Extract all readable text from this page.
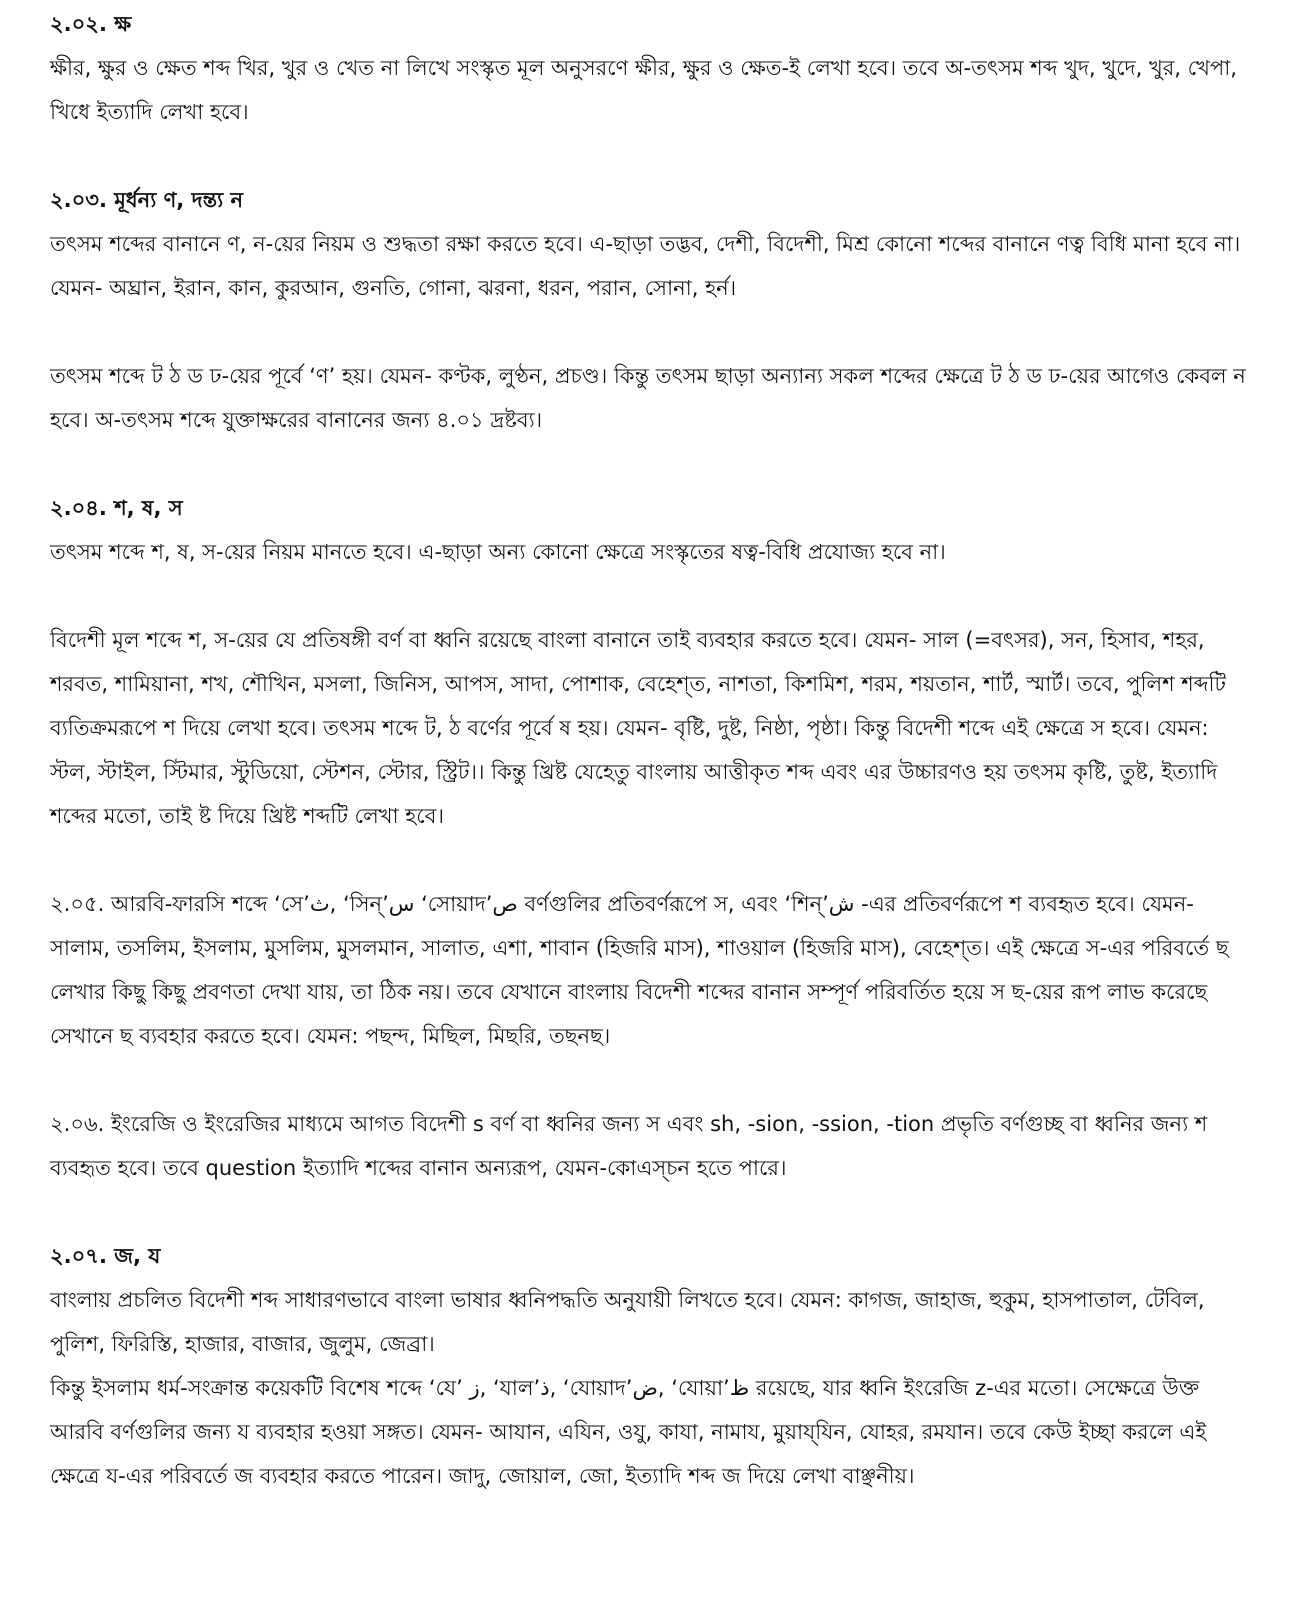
২.০২. ক্ষ

ক্ষীর, ক্ষুর ও ক্ষেত শব্দ খির, খুর ও খেত না লিখে সংস্কৃত মূল অনুসরণে ক্ষীর, ক্ষুর ও ক্ষেত-ই লেখা হবে। তবে অ-তৎসম শব্দ খুদ, খুদে, খুর, খেপা, খিধে ইত্যাদি লেখা হবে।

২.০৩. মূর্ধন্য ণ, দন্ত্য ন

তৎসম শব্দের বানানে ণ, ন-য়ের নিয়ম ও শুদ্ধতা রক্ষা করতে হবে। এ-ছাড়া তদ্ভব, দেশী, বিদেশী, মিশ্র কোনো শব্দের বানানে ণত্ব বিধি মানা হবে না। যেমন- অঘ্রান, ইরান, কান, কুরআন, গুনতি, গোনা, ঝরনা, ধরন, পরান, সোনা, হর্ন।

তৎসম শব্দে ট ঠ ড ঢ-য়ের পূর্বে ‘ণ’ হয়। যেমন- কণ্টক, লুণ্ঠন, প্রচণ্ড। কিন্তু তৎসম ছাড়া অন্যান্য সকল শব্দের ক্ষেত্রে ট ঠ ড ঢ-য়ের আগেও কেবল ন হবে। অ-তৎসম শব্দে যুক্তাক্ষরের বানানের জন্য ৪.০১ দ্রষ্টব্য।

২.০৪. শ, ষ, স

তৎসম শব্দে শ, ষ, স-য়ের নিয়ম মানতে হবে। এ-ছাড়া অন্য কোনো ক্ষেত্রে সংস্কৃতের ষত্ব-বিধি প্রযোজ্য হবে না।

বিদেশী মূল শব্দে শ, স-য়ের যে প্রতিষঙ্গী বর্ণ বা ধ্বনি রয়েছে বাংলা বানানে তাই ব্যবহার করতে হবে। যেমন- সাল (=বৎসর), সন, হিসাব, শহর, শরবত, শামিয়ানা, শখ, শৌখিন, মসলা, জিনিস, আপস, সাদা, পোশাক, বেহেশ্‌ত, নাশতা, কিশমিশ, শরম, শয়তান, শার্ট, স্মার্ট। তবে, পুলিশ শব্দটি ব্যতিক্রমরূপে শ দিয়ে লেখা হবে। তৎসম শব্দে ট, ঠ বর্ণের পূর্বে ষ হয়। যেমন- বৃষ্টি, দুষ্ট, নিষ্ঠা, পৃষ্ঠা। কিন্তু বিদেশী শব্দে এই ক্ষেত্রে স হবে। যেমন: স্টল, স্টাইল, স্টিমার, স্টুডিয়ো, স্টেশন, স্টোর, স্ট্রিট।। কিন্তু খ্রিষ্ট যেহেতু বাংলায় আত্তীকৃত শব্দ এবং এর উচ্চারণও হয় তৎসম কৃষ্টি, তুষ্ট, ইত্যাদি শব্দের মতো, তাই ষ্ট দিয়ে খ্রিষ্ট শব্দটি লেখা হবে।

২.০৫. আরবি-ফারসি শব্দে ‘সে’ث, ‘সিন্’س ‘সোয়াদ’ص বর্ণগুলির প্রতিবর্ণরূপে স, এবং ‘শিন্’ش -এর প্রতিবর্ণরূপে শ ব্যবহৃত হবে। যেমন- সালাম, তসলিম, ইসলাম, মুসলিম, মুসলমান, সালাত, এশা, শাবান (হিজরি মাস), শাওয়াল (হিজরি মাস), বেহেশ্‌ত। এই ক্ষেত্রে স-এর পরিবর্তে ছ লেখার কিছু কিছু প্রবণতা দেখা যায়, তা ঠিক নয়। তবে যেখানে বাংলায় বিদেশী শব্দের বানান সম্পূর্ণ পরিবর্তিত হয়ে স ছ-য়ের রূপ লাভ করেছে সেখানে ছ ব্যবহার করতে হবে। যেমন: পছন্দ, মিছিল, মিছরি, তছনছ।

২.০৬. ইংরেজি ও ইংরেজির মাধ্যমে আগত বিদেশী s বর্ণ বা ধ্বনির জন্য স এবং sh, -sion, -ssion, -tion প্রভৃতি বর্ণগুচ্ছ বা ধ্বনির জন্য শ ব্যবহৃত হবে। তবে question ইত্যাদি শব্দের বানান অন্যরূপ, যেমন-কোএস্‌চন হতে পারে।

২.০৭. জ, য

বাংলায় প্রচলিত বিদেশী শব্দ সাধারণভাবে বাংলা ভাষার ধ্বনিপদ্ধতি অনুযায়ী লিখতে হবে। যেমন: কাগজ, জাহাজ, হুকুম, হাসপাতাল, টেবিল, পুলিশ, ফিরিস্তি, হাজার, বাজার, জুলুম, জেব্রা।

কিন্তু ইসলাম ধর্ম-সংক্রান্ত কয়েকটি বিশেষ শব্দে ‘যে’ ز, ‘যাল’ذ, ‘যোয়াদ’ض, ‘যোয়া’ظ রয়েছে, যার ধ্বনি ইংরেজি z-এর মতো। সেক্ষেত্রে উক্ত আরবি বর্ণগুলির জন্য য ব্যবহার হওয়া সঙ্গত। যেমন- আযান, এযিন, ওযু, কাযা, নামায, মুয়ায্‌যিন, যোহর, রমযান। তবে কেউ ইচ্ছা করলে এই ক্ষেত্রে য-এর পরিবর্তে জ ব্যবহার করতে পারেন। জাদু, জোয়াল, জো, ইত্যাদি শব্দ জ দিয়ে লেখা বাঞ্ছনীয়।
